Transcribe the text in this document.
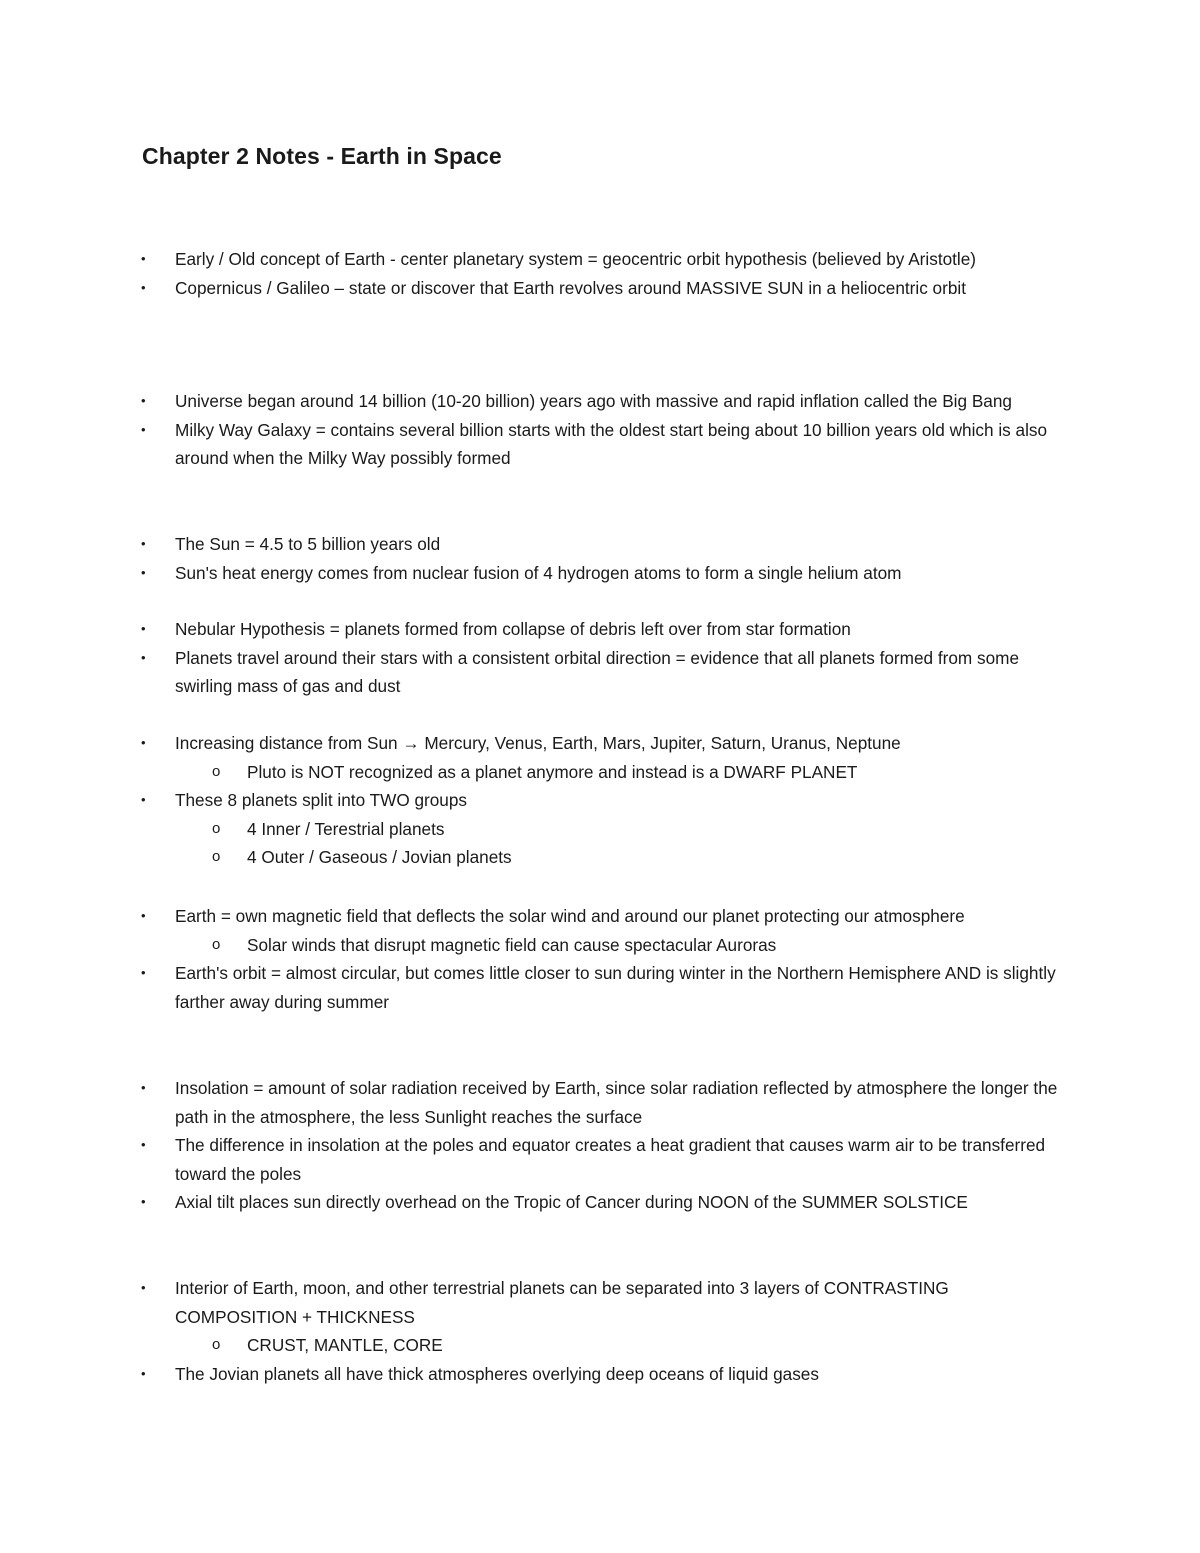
Chapter 2 Notes - Earth in Space
• Early / Old concept of Earth - center planetary system = geocentric orbit hypothesis (believed by Aristotle)
• Copernicus / Galileo – state or discover that Earth revolves around MASSIVE SUN in a heliocentric orbit
• Universe began around 14 billion (10-20 billion) years ago with massive and rapid inflation called the Big Bang
• Milky Way Galaxy = contains several billion starts with the oldest start being about 10 billion years old which is also around when the Milky Way possibly formed
• The Sun = 4.5 to 5 billion years old
• Sun's heat energy comes from nuclear fusion of 4 hydrogen atoms to form a single helium atom
• Nebular Hypothesis = planets formed from collapse of debris left over from star formation
• Planets travel around their stars with a consistent orbital direction = evidence that all planets formed from some swirling mass of gas and dust
• Increasing distance from Sun → Mercury, Venus, Earth, Mars, Jupiter, Saturn, Uranus, Neptune
o Pluto is NOT recognized as a planet anymore and instead is a DWARF PLANET
• These 8 planets split into TWO groups
o 4 Inner / Terestrial planets
o 4 Outer / Gaseous / Jovian planets
• Earth = own magnetic field that deflects the solar wind and around our planet protecting our atmosphere
o Solar winds that disrupt magnetic field can cause spectacular Auroras
• Earth's orbit = almost circular, but comes little closer to sun during winter in the Northern Hemisphere AND is slightly farther away during summer
• Insolation = amount of solar radiation received by Earth, since solar radiation reflected by atmosphere the longer the path in the atmosphere, the less Sunlight reaches the surface
• The difference in insolation at the poles and equator creates a heat gradient that causes warm air to be transferred toward the poles
• Axial tilt places sun directly overhead on the Tropic of Cancer during NOON of the SUMMER SOLSTICE
• Interior of Earth, moon, and other terrestrial planets can be separated into 3 layers of CONTRASTING COMPOSITION + THICKNESS
o CRUST, MANTLE, CORE
• The Jovian planets all have thick atmospheres overlying deep oceans of liquid gases
